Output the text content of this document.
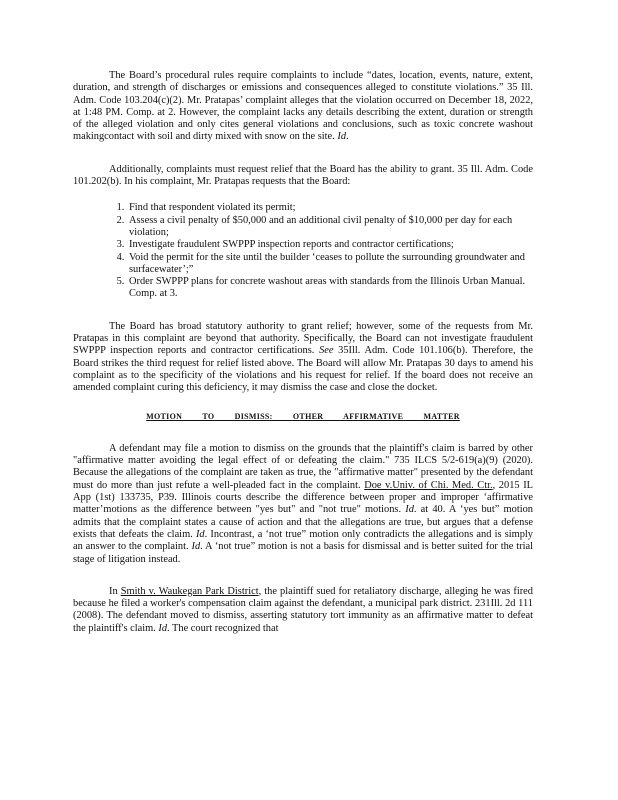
The Board’s procedural rules require complaints to include “dates, location, events, nature, extent, duration, and strength of discharges or emissions and consequences alleged to constitute violations.” 35 Ill. Adm. Code 103.204(c)(2). Mr. Pratapas’ complaint alleges that the violation occurred on December 18, 2022, at 1:48 PM. Comp. at 2. However, the complaint lacks any details describing the extent, duration or strength of the alleged violation and only cites general violations and conclusions, such as toxic concrete washout makingcontact with soil and dirty mixed with snow on the site. Id.

Additionally, complaints must request relief that the Board has the ability to grant. 35 Ill. Adm. Code 101.202(b). In his complaint, Mr. Pratapas requests that the Board:

1. Find that respondent violated its permit;
2. Assess a civil penalty of $50,000 and an additional civil penalty of $10,000 per day for each violation;
3. Investigate fraudulent SWPPP inspection reports and contractor certifications;
4. Void the permit for the site until the builder ‘ceases to pollute the surrounding groundwater and surfacewater’;”
5. Order SWPPP plans for concrete washout areas with standards from the Illinois Urban Manual. Comp. at 3.

The Board has broad statutory authority to grant relief; however, some of the requests from Mr. Pratapas in this complaint are beyond that authority. Specifically, the Board can not investigate fraudulent SWPPP inspection reports and contractor certifications. See 35Ill. Adm. Code 101.106(b). Therefore, the Board strikes the third request for relief listed above. The Board will allow Mr. Pratapas 30 days to amend his complaint as to the specificity of the violations and his request for relief. If the board does not receive an amended complaint curing this deficiency, it may dismiss the case and close the docket.

MOTION TO DISMISS: OTHER AFFIRMATIVE MATTER

A defendant may file a motion to dismiss on the grounds that the plaintiff's claim is barred by other "affirmative matter avoiding the legal effect of or defeating the claim." 735 ILCS 5/2-619(a)(9) (2020). Because the allegations of the complaint are taken as true, the "affirmative matter" presented by the defendant must do more than just refute a well-pleaded fact in the complaint. Doe v.Univ. of Chi. Med. Ctr., 2015 IL App (1st) 133735, P39. Illinois courts describe the difference between proper and improper ‘affirmative matter’motions as the difference between "yes but" and "not true" motions. Id. at 40. A ‘yes but” motion admits that the complaint states a cause of action and that the allegations are true, but argues that a defense exists that defeats the claim. Id. Incontrast, a ‘not true” motion only contradicts the allegations and is simply an answer to the complaint. Id. A ‘not true” motion is not a basis for dismissal and is better suited for the trial stage of litigation instead.

In Smith v. Waukegan Park District, the plaintiff sued for retaliatory discharge, alleging he was fired because he filed a worker's compensation claim against the defendant, a municipal park district. 231Ill. 2d 111 (2008). The defendant moved to dismiss, asserting statutory tort immunity as an affirmative matter to defeat the plaintiff's claim. Id. The court recognized that
